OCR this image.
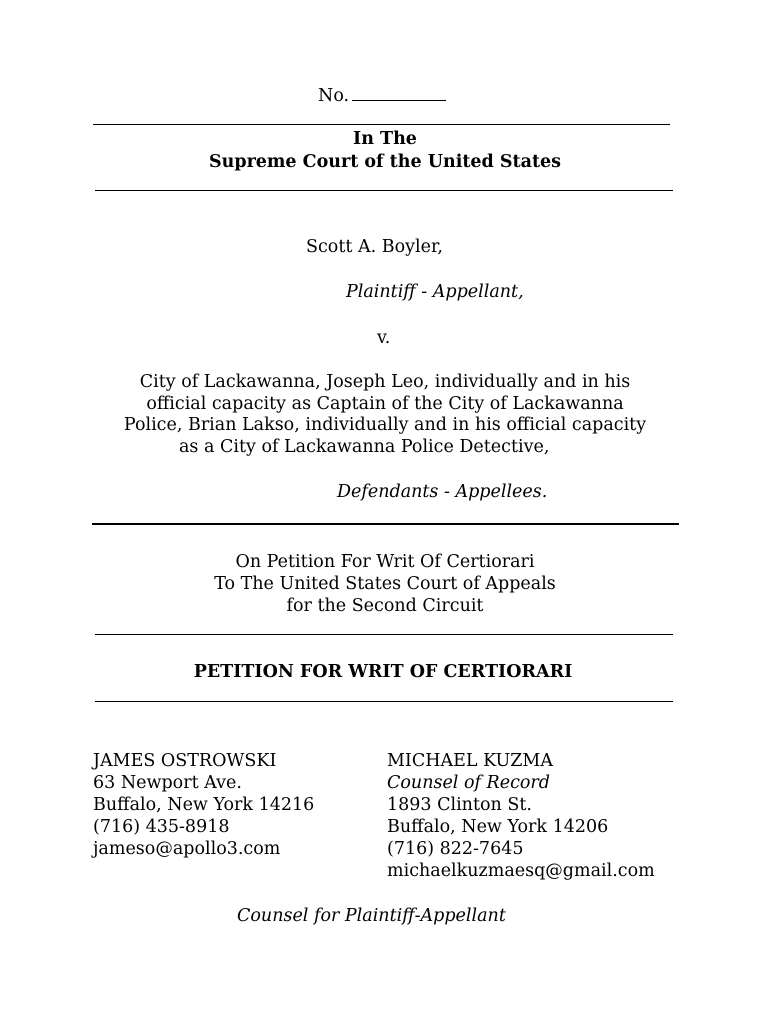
No.
In The
Supreme Court of the United States
Scott A. Boyler,
Plaintiff - Appellant,
v.
City of Lackawanna, Joseph Leo, individually and in his
official capacity as Captain of the City of Lackawanna
Police, Brian Lakso, individually and in his official capacity
as a City of Lackawanna Police Detective,
Defendants - Appellees.
On Petition For Writ Of Certiorari
To The United States Court of Appeals
for the Second Circuit
PETITION FOR WRIT OF CERTIORARI
JAMES OSTROWSKI
63 Newport Ave.
Buffalo, New York 14216
(716) 435-8918
jameso@apollo3.com
MICHAEL KUZMA
Counsel of Record
1893 Clinton St.
Buffalo, New York 14206
(716) 822-7645
michaelkuzmaesq@gmail.com
Counsel for Plaintiff-Appellant
